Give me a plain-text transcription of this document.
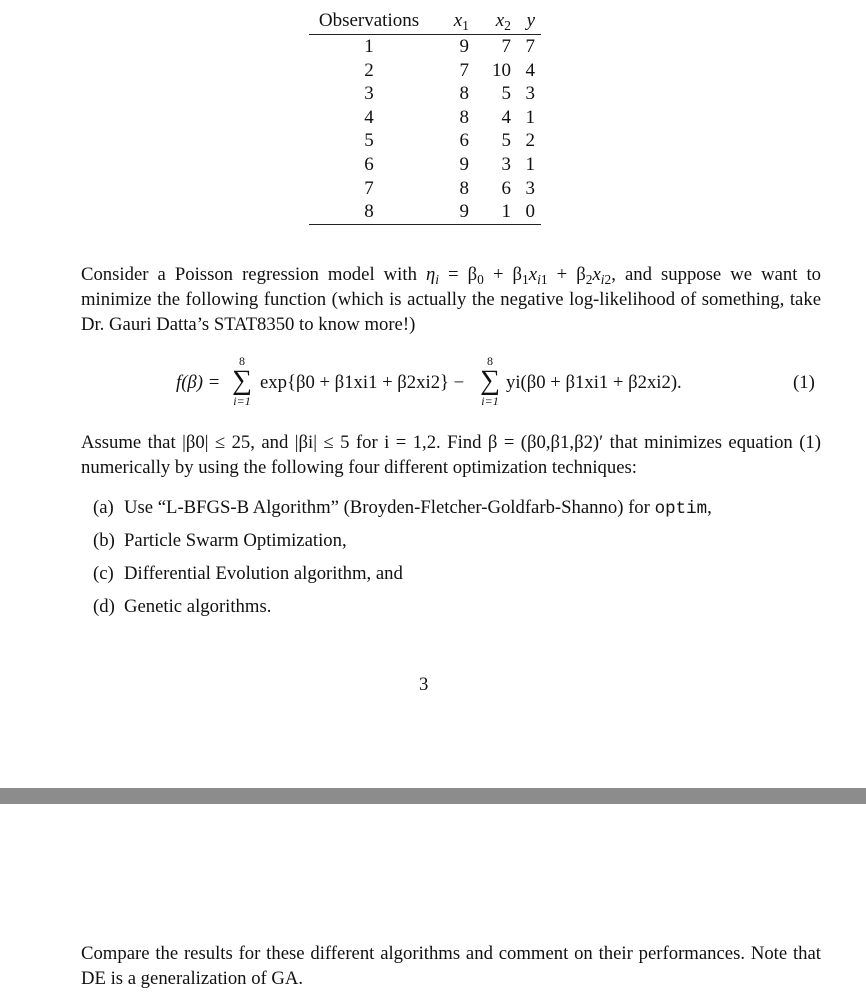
Observations	$x_1$	$x_2$	y
1	9	7	7
2	7	10	4
3	8	5	3
4	8	4	1
5	6	5	2
6	9	3	1
7	8	6	3
8	9	1	0
Consider a Poisson regression model with $\eta_i = \beta_0 + \beta_1x_{i1} + \beta_2x_{i2}$, and suppose we want to minimize the following function (which is actually the negative log-likelihood of something, take Dr. Gauri Datta’s STAT8350 to know more!)
f(β) =
8
∑
i=1
exp{β0 + β1xi1 + β2xi2} −
8
∑
i=1
yi(β0 + β1xi1 + β2xi2).	(1)
Assume that |β0| ≤ 25, and |βi| ≤ 5 for i = 1,2. Find β = (β0,β1,β2)′ that minimizes equation (1) numerically by using the following four different optimization techniques:
(a) Use “L-BFGS-B Algorithm” (Broyden-Fletcher-Goldfarb-Shanno) for optim,
(b) Particle Swarm Optimization,
(c) Differential Evolution algorithm, and
(d) Genetic algorithms.
3
Compare the results for these different algorithms and comment on their performances. Note that DE is a generalization of GA.
